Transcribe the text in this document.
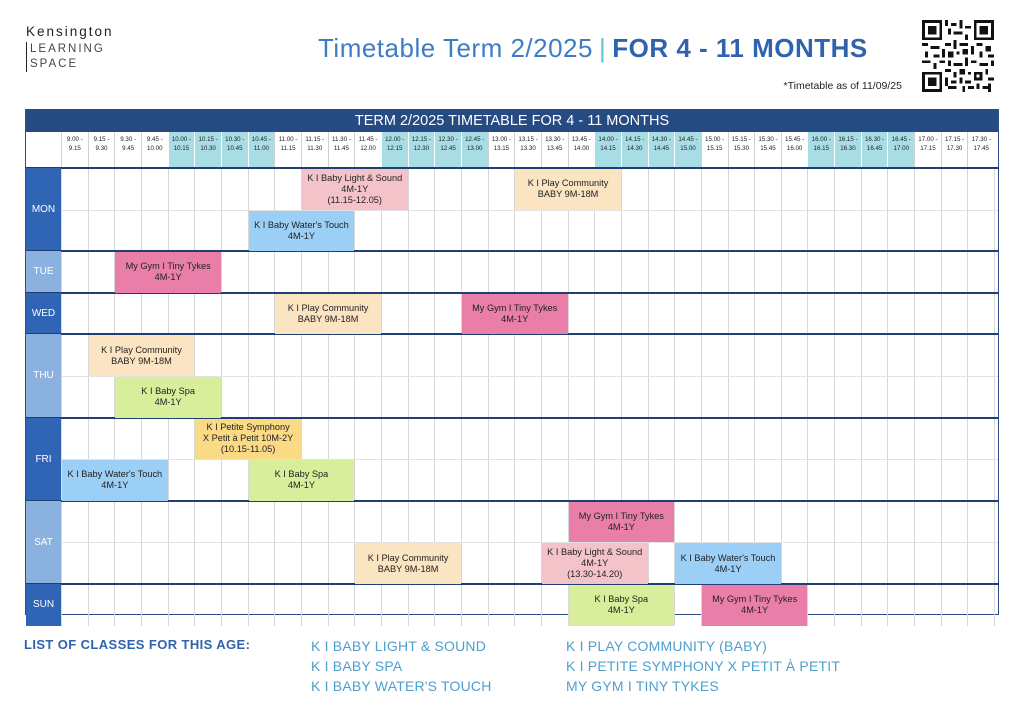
Kensington
LEARNING
SPACE
Timetable Term 2/2025 | FOR 4 - 11 MONTHS
*Timetable as of 11/09/25
TERM 2/2025 TIMETABLE FOR 4 - 11 MONTHS
9.00 -
9.15
9.15 -
9.30
9.30 -
9.45
9.45 -
10.00
10.00 -
10.15
10.15 -
10.30
10.30 -
10.45
10.45 -
11.00
11.00 -
11.15
11.15 -
11.30
11.30 -
11.45
11.45 -
12.00
12.00 -
12.15
12.15 -
12.30
12.30 -
12.45
12.45 -
13.00
13.00 -
13.15
13.15 -
13.30
13.30 -
13.45
13.45 -
14.00
14.00 -
14.15
14.15 -
14.30
14.30 -
14.45
14.45 -
15.00
15.00 -
15.15
15.15 -
15.30
15.30 -
15.45
15.45 -
16.00
16.00 -
16.15
16.15 -
16.30
16.30 -
16.45
16.45 -
17.00
17.00 -
17.15
17.15 -
17.30
17.30 -
17.45
MON
TUE
WED
THU
FRI
SAT
SUN
K I Baby Light & Sound
4M-1Y
(11.15-12.05)
K I Play Community
BABY 9M-18M
K I Baby Water's Touch
4M-1Y
My Gym I Tiny Tykes
4M-1Y
K I Play Community
BABY 9M-18M
My Gym I Tiny Tykes
4M-1Y
K I Play Community
BABY 9M-18M
K I Baby Spa
4M-1Y
K I Petite Symphony
X Petit à Petit 10M-2Y
(10.15-11.05)
K I Baby Water's Touch
4M-1Y
K I Baby Spa
4M-1Y
My Gym I Tiny Tykes
4M-1Y
K I Play Community
BABY 9M-18M
K I Baby Light & Sound
4M-1Y
(13.30-14.20)
K I Baby Water's Touch
4M-1Y
K I Baby Spa
4M-1Y
My Gym I Tiny Tykes
4M-1Y
LIST OF CLASSES FOR THIS AGE:	K I BABY LIGHT & SOUND
K I BABY SPA
K I BABY WATER'S TOUCH
K I PLAY COMMUNITY (BABY)
K I PETITE SYMPHONY X PETIT À PETIT
MY GYM I TINY TYKES
